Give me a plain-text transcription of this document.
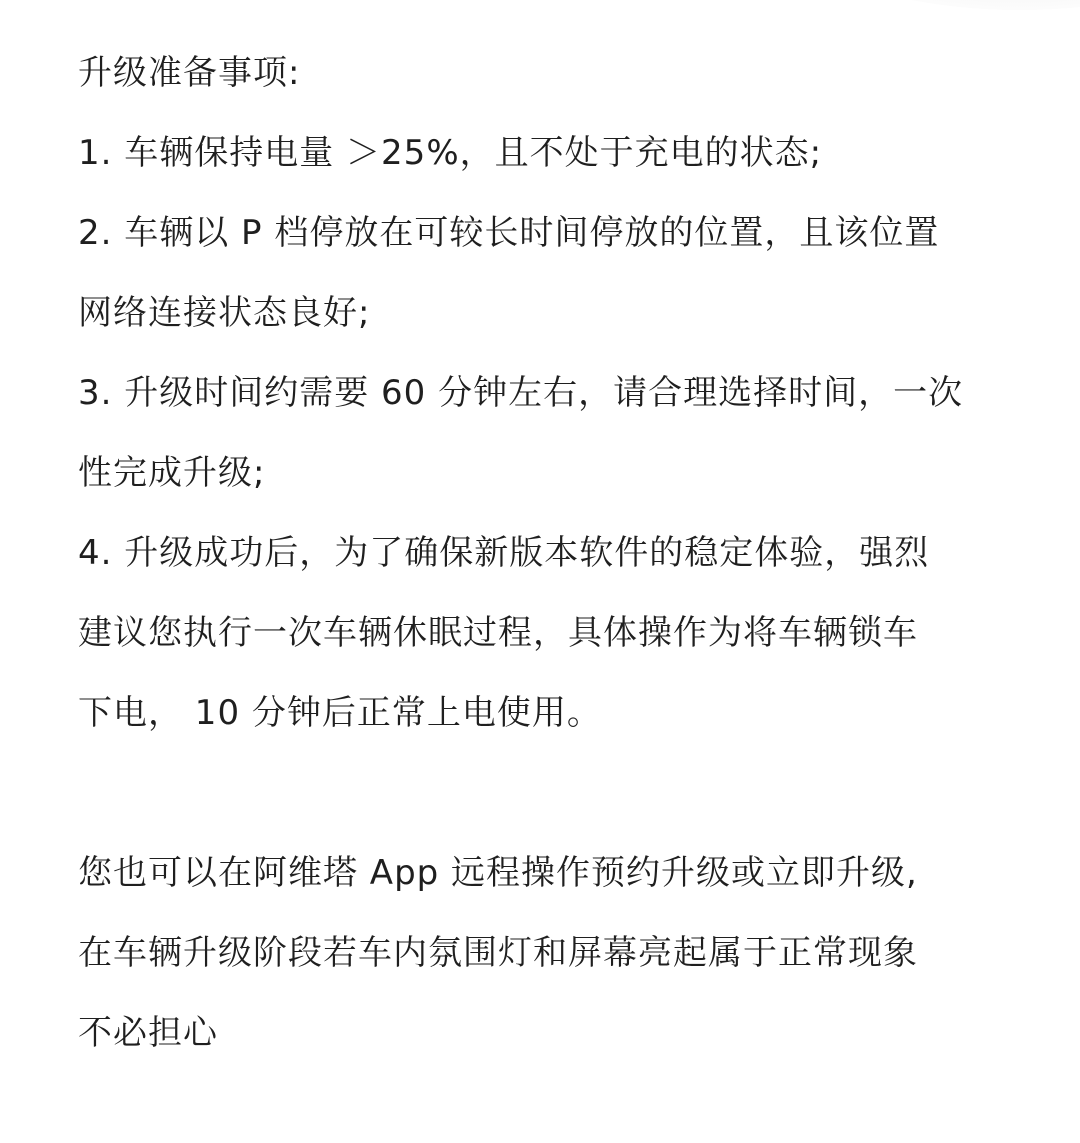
升级准备事项:
1. 车辆保持电量 ＞25%，且不处于充电的状态;
2. 车辆以 P 档停放在可较长时间停放的位置，且该位置
网络连接状态良好;
3. 升级时间约需要 60 分钟左右，请合理选择时间，一次
性完成升级;
4. 升级成功后，为了确保新版本软件的稳定体验，强烈
建议您执行一次车辆休眠过程，具体操作为将车辆锁车
下电， 10 分钟后正常上电使用。
您也可以在阿维塔 App 远程操作预约升级或立即升级,
在车辆升级阶段若车内氛围灯和屏幕亮起属于正常现象
不必担心
